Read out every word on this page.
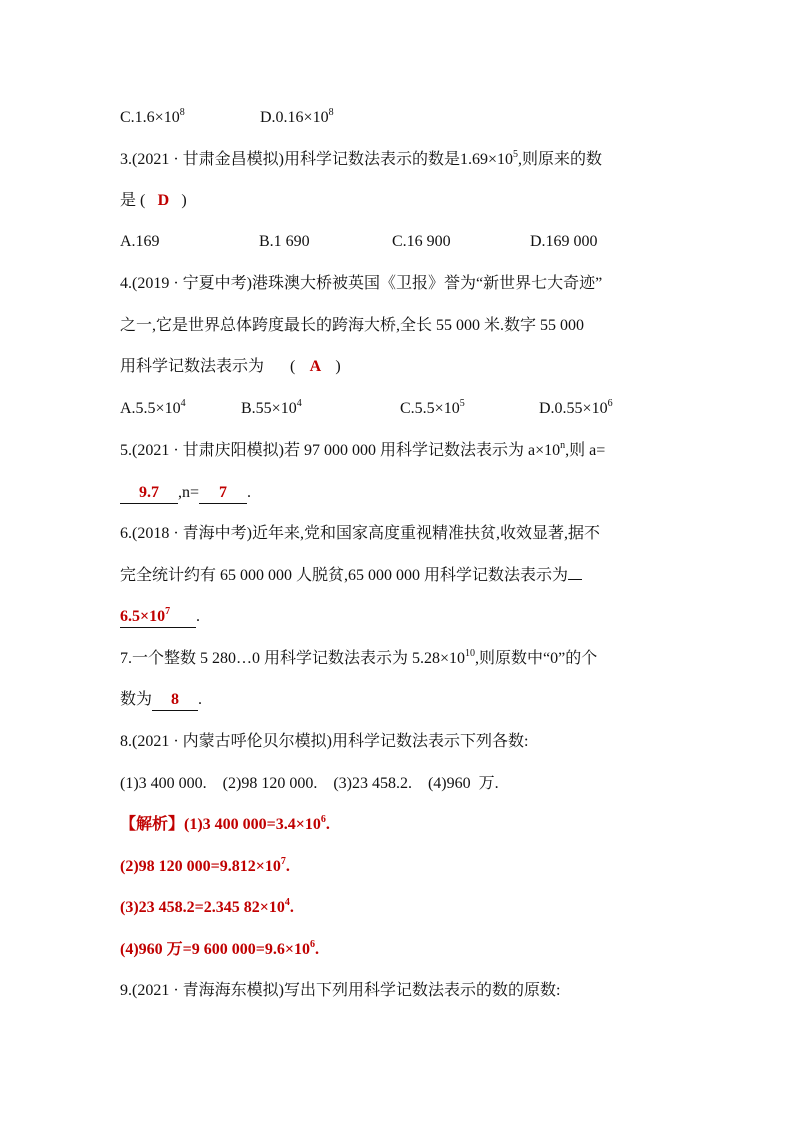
$C.1.6\times 10^8$	$D.0.16\times 10^8$
3.(2021 · 甘肃金昌模拟)用科学记数法表示的数是$1.69\times 10^5$,则原来的数
是 ( D )
A.169	B.1 690	C.16 900	D.169 000
4.(2019 · 宁夏中考)港珠澳大桥被英国《卫报》誉为“新世界七大奇迹”
之一,它是世界总体跨度最长的跨海大桥,全长 55 000 米.数字 55 000
用科学记数法表示为 ( A )
$A.5.5\times 10^4$	$B.55\times 10^4$	$C.5.5\times 10^5$	$D.0.55\times 10^6$
5.(2021 · 甘肃庆阳模拟)若 97 000 000 用科学记数法表示为 $a\times 10^n$,则 a=
9.7 ,n= 7 .
6.(2018 · 青海中考)近年来,党和国家高度重视精准扶贫,收效显著,据不
完全统计约有 65 000 000 人脱贫,65 000 000 用科学记数法表示为
$6.5\times 10^7$ .
7.一个整数 5 280…0 用科学记数法表示为 $5.28\times 10^{10}$,则原数中“0”的个
数为 8 .
8.(2021 · 内蒙古呼伦贝尔模拟)用科学记数法表示下列各数:
(1)3 400 000.    (2)98 120 000.    (3)23 458.2.    (4)960  万.
【解析】(1)3 400 $000=3.4\times 10^6$.
(2)98 120 $000=9.812\times 10^7$.
(3)23 458.2=2.345 $82\times 10^4$.
(4)960 万=9 600 $000=9.6\times 10^6$.
9.(2021 · 青海海东模拟)写出下列用科学记数法表示的数的原数:
